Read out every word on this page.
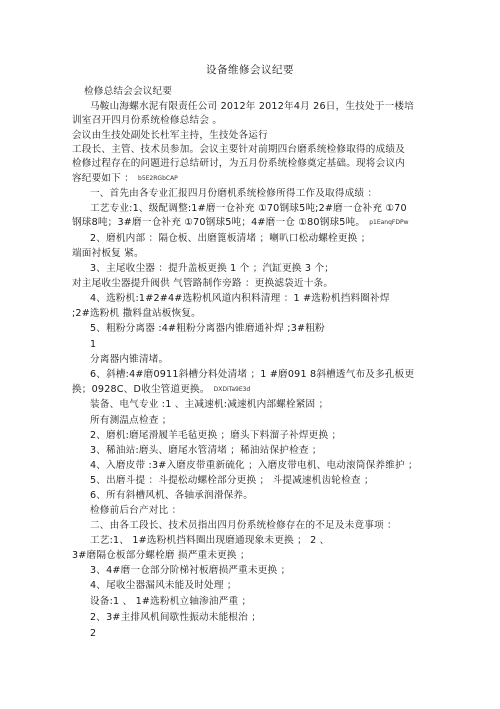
设备维修会议纪要
检修总结会会议纪要
马鞍山海螺水泥有限责任公司 2012年 2012年4月 26日，生技处于一楼培
训室召开四月份系统检修总结会 。
会议由生技处副处长杜军主持，生技处各运行
工段长、主管、技术员参加。会议主要针对前期四台磨系统检修取得的成绩及
检修过程存在的问题进行总结研讨，为五月份系统检修奠定基础。现将会议内
容纪要如下 ： b5E2RGbCAP
一、首先由各专业汇报四月份磨机系统检修所得工作及取得成绩 ：
工艺专业:1、级配调整:1#磨一仓补充 ①70钢球5吨;2#磨一仓补充 ①70
钢球8吨；3#磨一仓补充 ①70钢球5吨；4#磨一仓 ①80钢球5吨。 p1EanqFDPw
2、磨机内部 ：隔仓板、出磨篦板清堵 ；喇叭口松动螺栓更换 ；
端面衬板复 紧。
3、主尾收尘器 ：提升盖板更换 1 个 ；汽缸更换 3 个；
对主尾收尘器提升阀供 气管路制作旁路 ：更换滤袋近十条。
4、选粉机:1#2#4#选粉机风道内积料清理 ：1 #选粉机挡料圈补焊
;2#选粉机 撒料盘站板恢复。
5、粗粉分离器 :4#粗粉分离器内锥磨通补焊 ;3#粗粉
1
分离器内锥清堵。
6、斜槽:4#磨0911斜槽分料处清堵 ；1 #磨091 8斜槽透气布及多孔板更
换；0928C、D收尘管道更换。 DXDiTa9E3d
装备、电气专业 :1 、主减速机:减速机内部螺栓紧固 ；
所有测温点检查 ；
2、磨机:磨尾滑履羊毛毡更换 ；磨头下料溜子补焊更换 ；
3、稀油站:磨头、磨尾水管清堵 ；稀油站保护检查 ；
4、入磨皮带 :3#入磨皮带重新硫化 ；入磨皮带电机、电动滚筒保养维护 ；
5、出磨斗提 ：斗提松动螺栓部分更换 ； 斗提减速机齿轮检查 ；
6、所有斜槽风机、各轴承润滑保养。
检修前后台产对比 ：
二、由各工段长、技术员指出四月份系统检修存在的不足及未竟事项 ：
工艺:1、 1#选粉机挡料圈出现磨通现象未更换 ； 2 、
3#磨隔仓板部分螺栓磨 损严重未更换 ；
3、4#磨一仓部分阶梯衬板磨损严重未更换 ；
4、尾收尘器漏风未能及时处理 ；
设备:1 、 1#选粉机立轴渗油严重 ；
2、3#主排风机间歇性振动未能根治 ；
2
